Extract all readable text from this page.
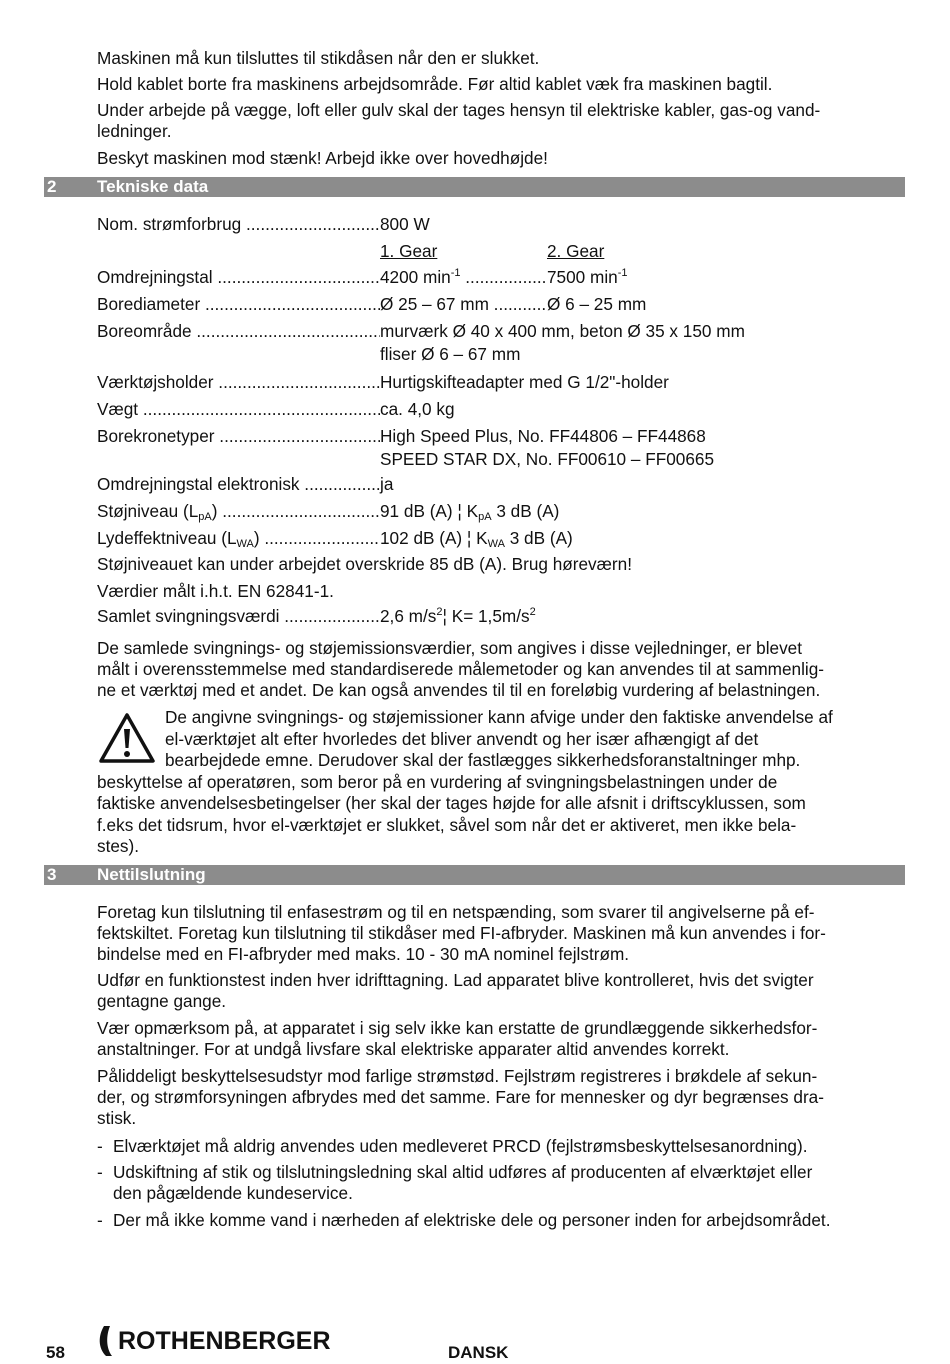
Maskinen må kun tilsluttes til stikdåsen når den er slukket.
Hold kablet borte fra maskinens arbejdsområde. Før altid kablet væk fra maskinen bagtil.
Under arbejde på vægge, loft eller gulv skal der tages hensyn til elektriske kabler, gas-og vand-
ledninger.
Beskyt maskinen mod stænk! Arbejd ikke over hovedhøjde!
2 Tekniske data
Nom. strømforbrug .....	800 W
1. Gear	2. Gear
Omdrejningstal .....	4200 $\min^{-1}$ .....	7500 $\min^{-1}$
Borediameter .....	Ø 25 – 67 mm .....	Ø 6 – 25 mm
Boreområde .....	murværk Ø 40 x 400 mm, beton Ø 35 x 150 mm
fliser Ø 6 – 67 mm
Værktøjsholder .....	Hurtigskifteadapter med G 1/2"-holder
Vægt .....	ca. 4,0 kg
Borekronetyper .....	High Speed Plus, No. FF44806 – FF44868
SPEED STAR DX, No. FF00610 – FF00665
Omdrejningstal elektronisk .....	ja
Støjniveau $(L_{pA})$ .....	91 dB (A) ¦ $K_{pA}$ 3 dB (A)
Lydeffektniveau $(L_{WA})$ .....	102 dB (A) ¦ $K_{WA}$ 3 dB (A)
Støjniveauet kan under arbejdet overskride 85 dB (A). Brug høreværn!
Værdier målt i.h.t. EN 62841-1.
Samlet svingningsværdi .....	2,6 $m/s^2¦$ $K= 1,5m/s^2$
De samlede svingnings- og støjemissionsværdier, som angives i disse vejledninger, er blevet
målt i overensstemmelse med standardiserede målemetoder og kan anvendes til at sammenlig-
ne et værktøj med et andet. De kan også anvendes til til en foreløbig vurdering af belastningen.
De angivne svingnings- og støjemissioner kann afvige under den faktiske anvendelse af
el-værktøjet alt efter hvorledes det bliver anvendt og her især afhængigt af det
bearbejdede emne. Derudover skal der fastlægges sikkerhedsforanstaltninger mhp.
beskyttelse af operatøren, som beror på en vurdering af svingningsbelastningen under de
faktiske anvendelsesbetingelser (her skal der tages højde for alle afsnit i driftscyklussen, som
f.eks det tidsrum, hvor el-værktøjet er slukket, såvel som når det er aktiveret, men ikke bela-
stes).
3 Nettilslutning
Foretag kun tilslutning til enfasestrøm og til en netspænding, som svarer til angivelserne på ef-
fektskiltet. Foretag kun tilslutning til stikdåser med FI-afbryder. Maskinen må kun anvendes i for-
bindelse med en FI-afbryder med maks. 10 - 30 mA nominel fejlstrøm.
Udfør en funktionstest inden hver idrifttagning. Lad apparatet blive kontrolleret, hvis det svigter
gentagne gange.
Vær opmærksom på, at apparatet i sig selv ikke kan erstatte de grundlæggende sikkerhedsfor-
anstaltninger. For at undgå livsfare skal elektriske apparater altid anvendes korrekt.
Påliddeligt beskyttelsesudstyr mod farlige strømstød. Fejlstrøm registreres i brøkdele af sekun-
der, og strømforsyningen afbrydes med det samme. Fare for mennesker og dyr begrænses dra-
stisk.
- Elværktøjet må aldrig anvendes uden medleveret PRCD (fejlstrømsbeskyttelsesanordning).
- Udskiftning af stik og tilslutningsledning skal altid udføres af producenten af elværktøjet eller
den pågældende kundeservice.
- Der må ikke komme vand i nærheden af elektriske dele og personer inden for arbejdsområdet.
58 ROTHENBERGER	DANSK
